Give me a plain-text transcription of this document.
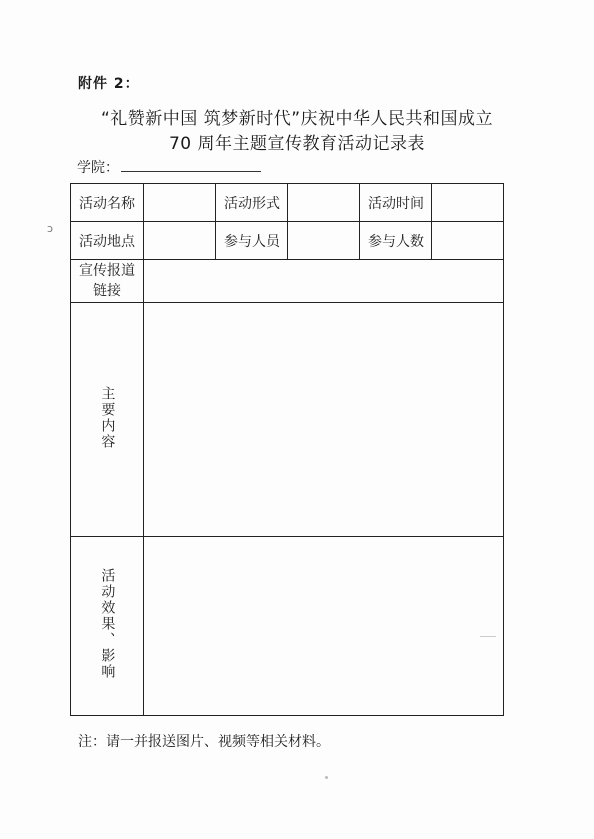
附件 2：
“礼赞新中国 筑梦新时代”庆祝中华人民共和国成立
70 周年主题宣传教育活动记录表
学院：
ɔ
活动名称		活动形式		活动时间	
活动地点		参与人员		参与人数	

宣传报道
链接					

主要内容					
活动效果、影响					
注：请一并报送图片、视频等相关材料。
